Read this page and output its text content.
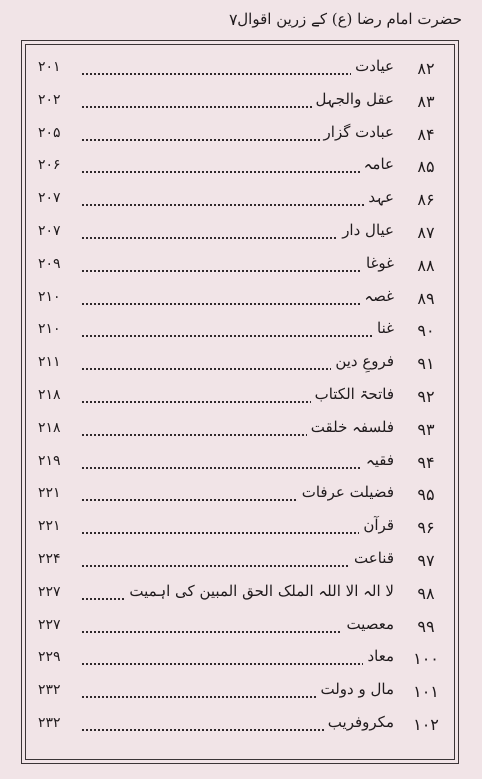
حضرت امام رضا (ع) کے زرین اقوال
۷
۸۲
عیادت
۲۰۱
۸۳
عقل والجہل
۲۰۲
۸۴
عبادت گزار
۲۰۵
۸۵
عامہ
۲۰۶
۸۶
عہد
۲۰۷
۸۷
عیال دار
۲۰۷
۸۸
غوغا
۲۰۹
۸۹
غصہ
۲۱۰
۹۰
غنا
۲۱۰
۹۱
فروعِ دین
۲۱۱
۹۲
فاتحۃ الکتاب
۲۱۸
۹۳
فلسفہ خلقت
۲۱۸
۹۴
فقیہ
۲۱۹
۹۵
فضیلت عرفات
۲۲۱
۹۶
قرآن
۲۲۱
۹۷
قناعت
۲۲۴
۹۸
لا الہ الا اللہ الملک الحق المبین کی اہمیت
۲۲۷
۹۹
معصیت
۲۲۷
۱۰۰
معاد
۲۲۹
۱۰۱
مال و دولت
۲۳۲
۱۰۲
مکروفریب
۲۳۲
